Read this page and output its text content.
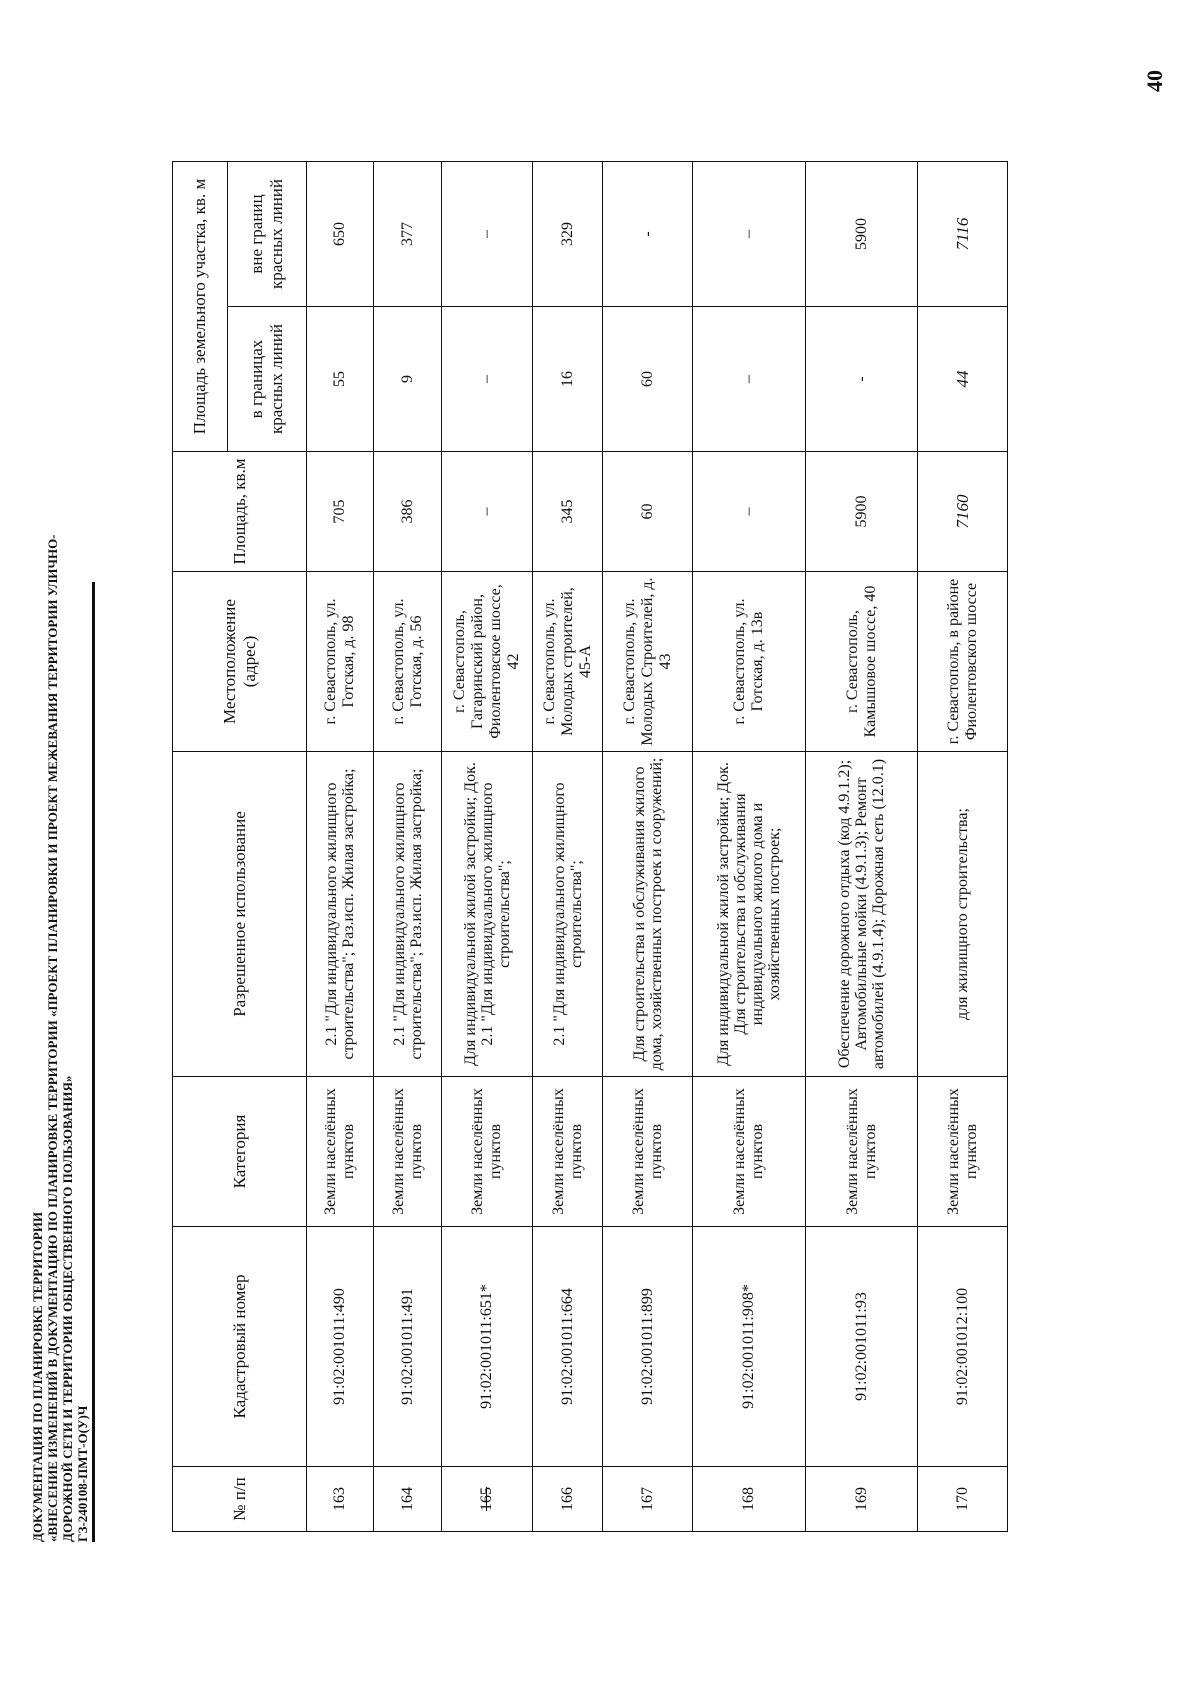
40
ДОКУМЕНТАЦИЯ ПО ПЛАНИРОВКЕ ТЕРРИТОРИИ «ВНЕСЕНИЕ ИЗМЕНЕНИЙ В ДОКУМЕНТАЦИЮ ПО ПЛАНИРОВКЕ ТЕРРИТОРИИ «ПРОЕКТ ПЛАНИРОВКИ И ПРОЕКТ МЕЖЕВАНИЯ ТЕРРИТОРИИ УЛИЧНО- ДОРОЖНОЙ СЕТИ И ТЕРРИТОРИИ ОБЩЕСТВЕННОГО ПОЛЬЗОВАНИЯ» ГЗ-240108-ПМТ-О(У)Ч	№ п/п	Кадастровый номер	Категория	Разрешенное использование	Местоположение (адрес)	Площадь, кв.м	Площадь земельного участка, кв. м	
						в границах красных линий	вне границ красных линий
163	91:02:001011:490	Земли населённых пунктов	2.1 "Для индивидуального жилищного строительства"; Раз.исп. Жилая застройка;	г. Севастополь, ул. Готская, д. 98	705	55	650
164	91:02:001011:491	Земли населённых пунктов	2.1 "Для индивидуального жилищного строительства"; Раз.исп. Жилая застройка;	г. Севастополь, ул. Готская, д. 56	386	9	377
165	91:02:001011:651*	Земли населённых пунктов	Для индивидуальной жилой застройки; Док. 2.1 "Для индивидуального жилищного строительства";	г. Севастополь, Гагаринский район, Фиолентовское шоссе, 42	–	–	–
166	91:02:001011:664	Земли населённых пунктов	2.1 "Для индивидуального жилищного строительства";	г. Севастополь, ул. Молодых строителей, 45-А	345	16	329
167	91:02:001011:899	Земли населённых пунктов	Для строительства и обслуживания жилого дома, хозяйственных построек и сооружений;	г. Севастополь, ул. Молодых Строителей, д. 43	60	60	-
168	91:02:001011:908*	Земли населённых пунктов	Для индивидуальной жилой застройки; Док. Для строительства и обслуживания индивидуального жилого дома и хозяйственных построек;	г. Севастополь, ул. Готская, д. 13в	–	–	–
169	91:02:001011:93	Земли населённых пунктов	Обеспечение дорожного отдыха (код 4.9.1.2); Автомобильные мойки (4.9.1.3); Ремонт автомобилей (4.9.1.4); Дорожная сеть (12.0.1)	г. Севастополь, Камышовое шоссе, 40	5900	-	5900
170	91:02:001012:100	Земли населённых пунктов	для жилищного строительства;	г. Севастополь, в районе Фиолентовского шоссе	7160	44	7116
